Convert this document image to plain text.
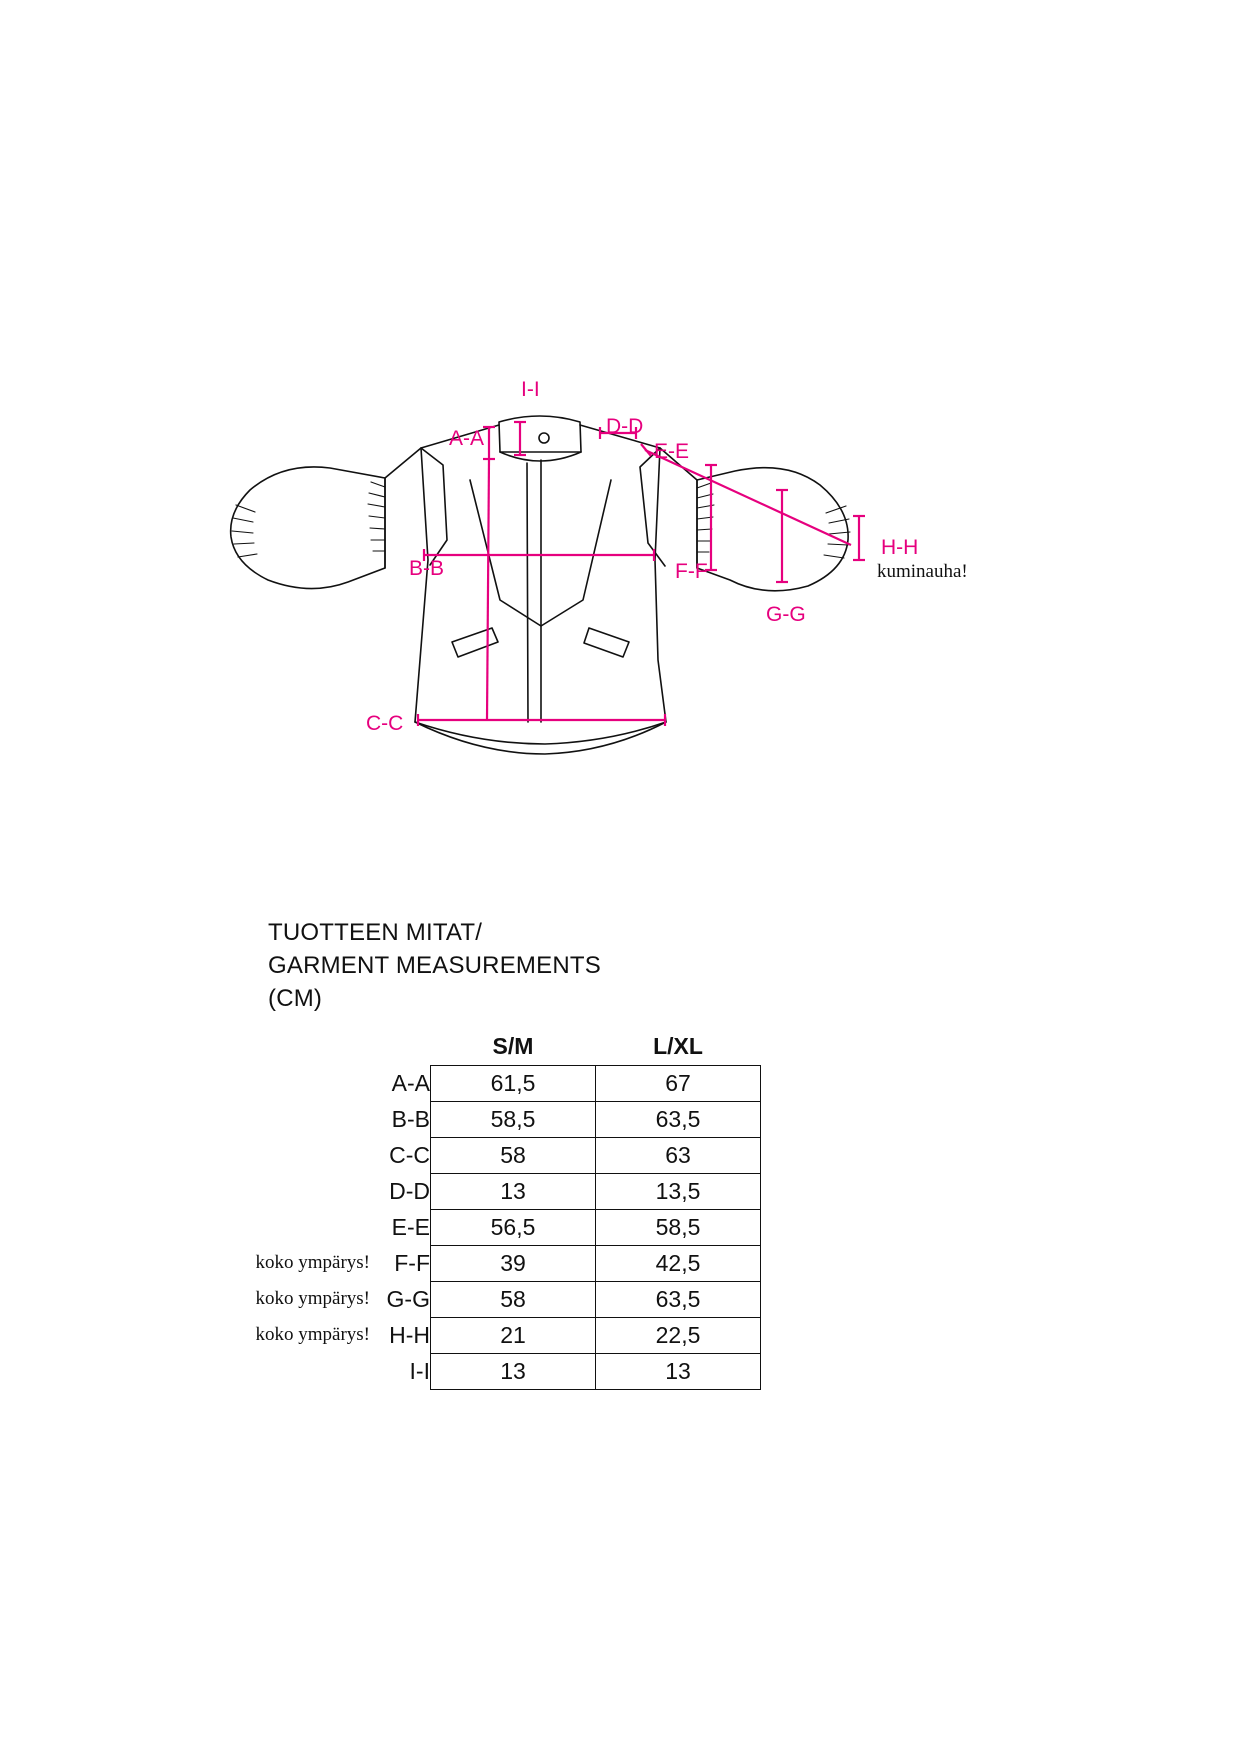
I-I
A-A
D-D
E-E
H-H
kuminauha!
B-B	F-F
G-G
C-C
TUOTTEEN MITAT/
GARMENT MEASUREMENTS
(CM)
		S/M	L/XL
	A-A	61,5	67
	B-B	58,5	63,5
	C-C	58	63
	D-D	13	13,5
	E-E	56,5	58,5
koko ympärys!	F-F	39	42,5
koko ympärys!	G-G	58	63,5
koko ympärys!	H-H	21	22,5
	I-I	13	13
